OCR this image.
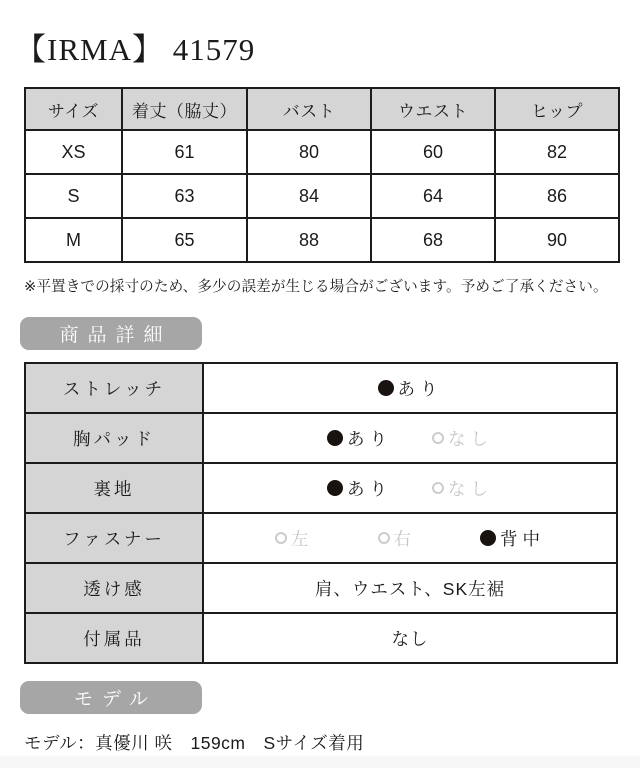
【IRMA】 41579
サイズ	着丈（脇丈）	バスト	ウエスト	ヒップ
XS	61	80	60	82
S	63	84	64	86
M	65	88	68	90
※平置きでの採寸のため、多少の誤差が生じる場合がございます。予めご了承ください。
商品詳細
ストレッチ	あり

胸パッド	あり なし

裏地	あり なし

ファスナー	左 右 背中

透け感	肩、ウエスト、SK左裾
付属品	なし
モデル
モデル：真優川 咲　159cm　Sサイズ着用
